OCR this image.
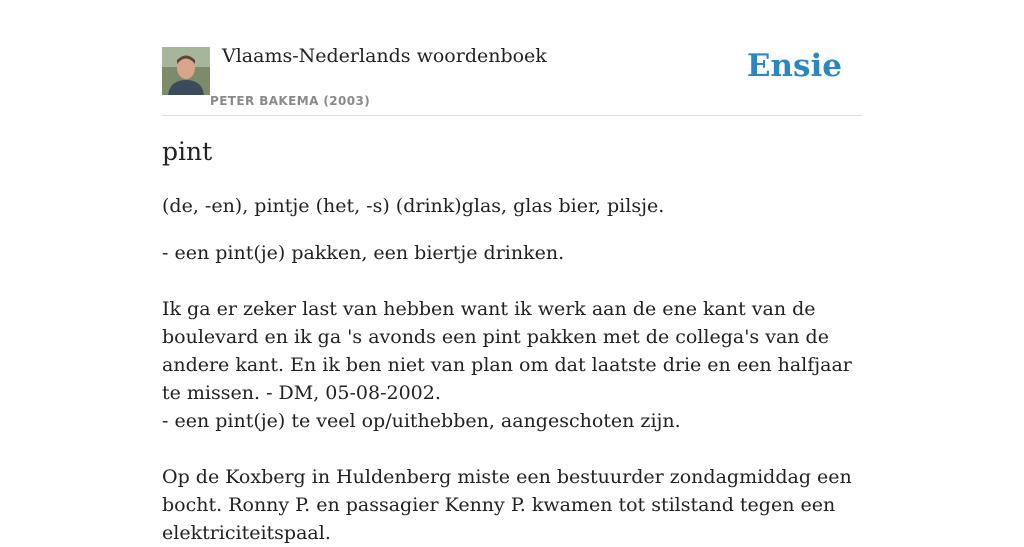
Vlaams-Nederlands woordenboek
PETER BAKEMA (2003)
Ensie
pint

(de, -en), pintje (het, -s) (drink)glas, glas bier, pilsje.

- een pint(je) pakken, een biertje drinken.

Ik ga er zeker last van hebben want ik werk aan de ene kant van de boulevard en ik ga 's avonds een pint pakken met de collega's van de andere kant. En ik ben niet van plan om dat laatste drie en een halfjaar te missen. - DM, 05-08-2002.

- een pint(je) te veel op/uithebben, aangeschoten zijn.

Op de Koxberg in Huldenberg miste een bestuurder zondagmiddag een bocht. Ronny P. en passagier Kenny P. kwamen tot stilstand tegen een elektriciteitspaal.
